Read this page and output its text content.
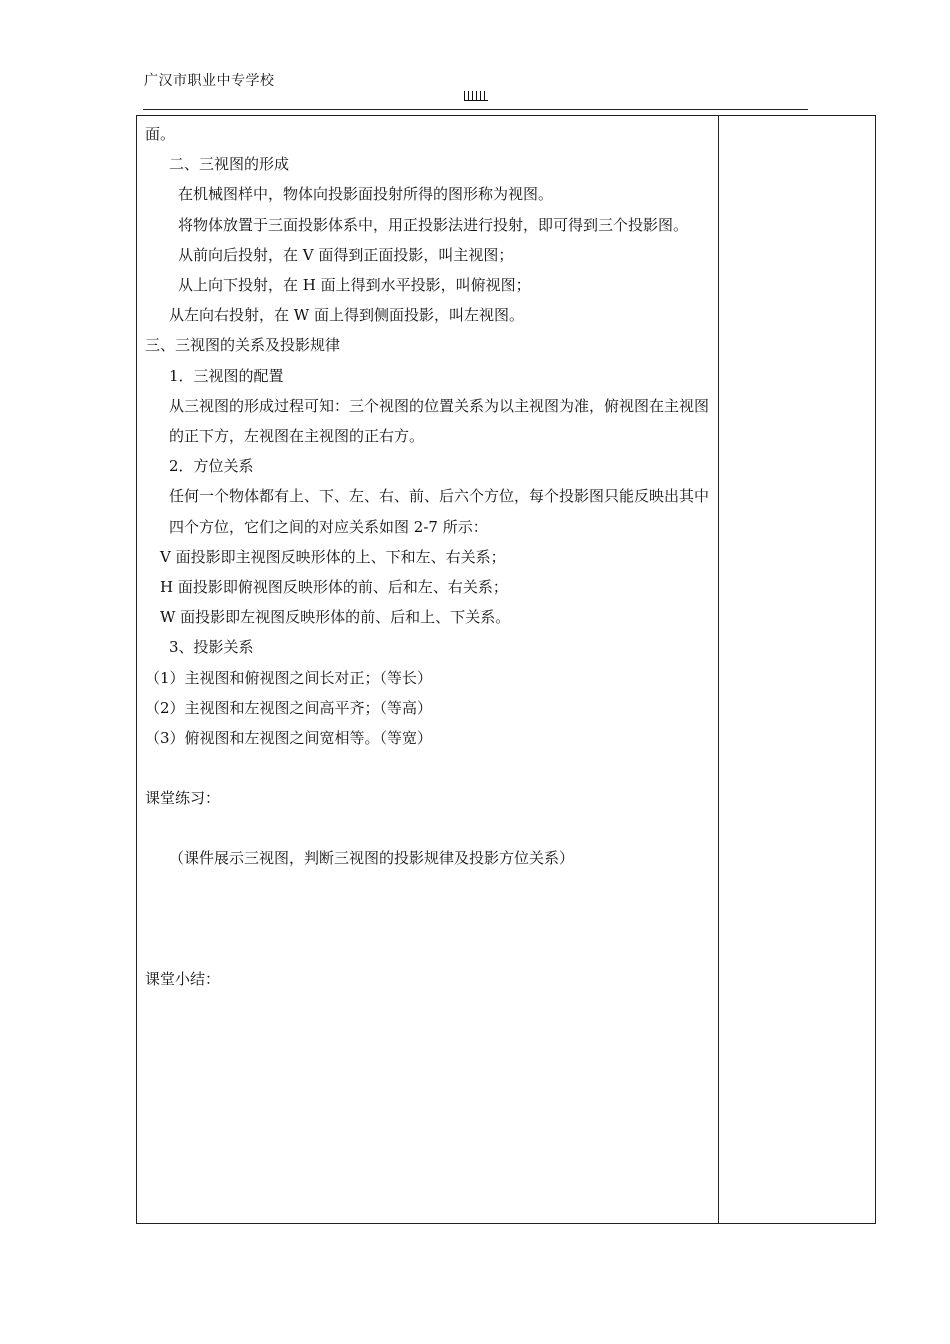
广汉市职业中专学校

面。

二、三视图的形成

在机械图样中，物体向投影面投射所得的图形称为视图。

将物体放置于三面投影体系中，用正投影法进行投射，即可得到三个投影图。

从前向后投射，在 V 面得到正面投影，叫主视图；

从上向下投射，在 H 面上得到水平投影，叫俯视图；

从左向右投射，在 W 面上得到侧面投影，叫左视图。

三、三视图的关系及投影规律

1．三视图的配置

从三视图的形成过程可知：三个视图的位置关系为以主视图为准，俯视图在主视图的正下方，左视图在主视图的正右方。

2．方位关系

任何一个物体都有上、下、左、右、前、后六个方位，每个投影图只能反映出其中四个方位，它们之间的对应关系如图 2-7 所示：

V 面投影即主视图反映形体的上、下和左、右关系；

H 面投影即俯视图反映形体的前、后和左、右关系；

W 面投影即左视图反映形体的前、后和上、下关系。

3、投影关系

（1）主视图和俯视图之间长对正；（等长）

（2）主视图和左视图之间高平齐；（等高）

（3）俯视图和左视图之间宽相等。（等宽）

课堂练习：

（课件展示三视图，判断三视图的投影规律及投影方位关系）

课堂小结：
